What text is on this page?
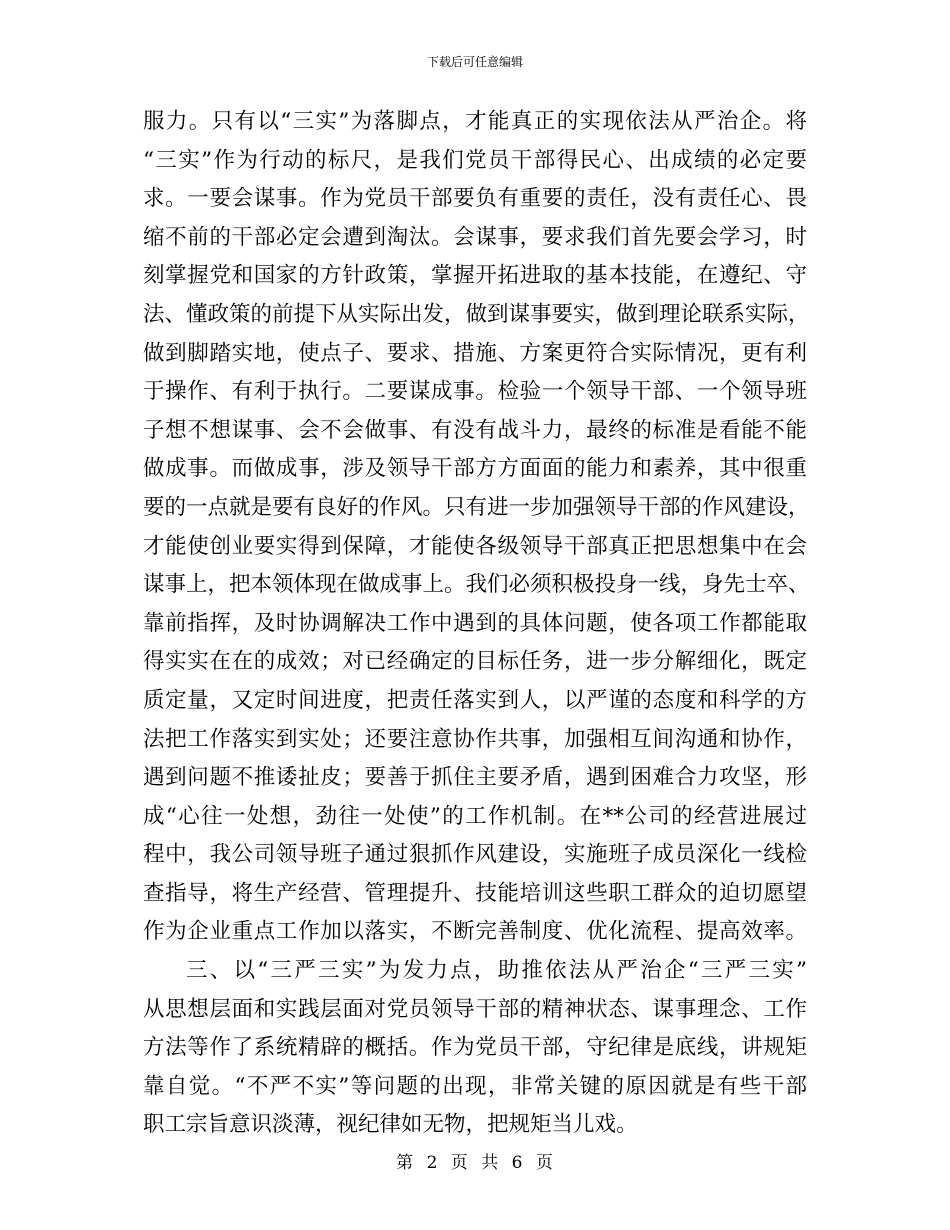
下载后可任意编辑
服力。只有以“三实”为落脚点，才能真正的实现依法从严治企。将
“三实”作为行动的标尺，是我们党员干部得民心、出成绩的必定要
求。一要会谋事。作为党员干部要负有重要的责任，没有责任心、畏
缩不前的干部必定会遭到淘汰。会谋事，要求我们首先要会学习，时
刻掌握党和国家的方针政策，掌握开拓进取的基本技能，在遵纪、守
法、懂政策的前提下从实际出发，做到谋事要实，做到理论联系实际，
做到脚踏实地，使点子、要求、措施、方案更符合实际情况，更有利
于操作、有利于执行。二要谋成事。检验一个领导干部、一个领导班
子想不想谋事、会不会做事、有没有战斗力，最终的标准是看能不能
做成事。而做成事，涉及领导干部方方面面的能力和素养，其中很重
要的一点就是要有良好的作风。只有进一步加强领导干部的作风建设，
才能使创业要实得到保障，才能使各级领导干部真正把思想集中在会
谋事上，把本领体现在做成事上。我们必须积极投身一线，身先士卒、
靠前指挥，及时协调解决工作中遇到的具体问题，使各项工作都能取
得实实在在的成效；对已经确定的目标任务，进一步分解细化，既定
质定量，又定时间进度，把责任落实到人，以严谨的态度和科学的方
法把工作落实到实处；还要注意协作共事，加强相互间沟通和协作，
遇到问题不推诿扯皮；要善于抓住主要矛盾，遇到困难合力攻坚，形
成“心往一处想，劲往一处使”的工作机制。在**公司的经营进展过
程中，我公司领导班子通过狠抓作风建设，实施班子成员深化一线检
查指导，将生产经营、管理提升、技能培训这些职工群众的迫切愿望
作为企业重点工作加以落实，不断完善制度、优化流程、提高效率。
三、以“三严三实”为发力点，助推依法从严治企“三严三实”
从思想层面和实践层面对党员领导干部的精神状态、谋事理念、工作
方法等作了系统精辟的概括。作为党员干部，守纪律是底线，讲规矩
靠自觉。“不严不实”等问题的出现，非常关键的原因就是有些干部
职工宗旨意识淡薄，视纪律如无物，把规矩当儿戏。
第 2 页 共 6 页
